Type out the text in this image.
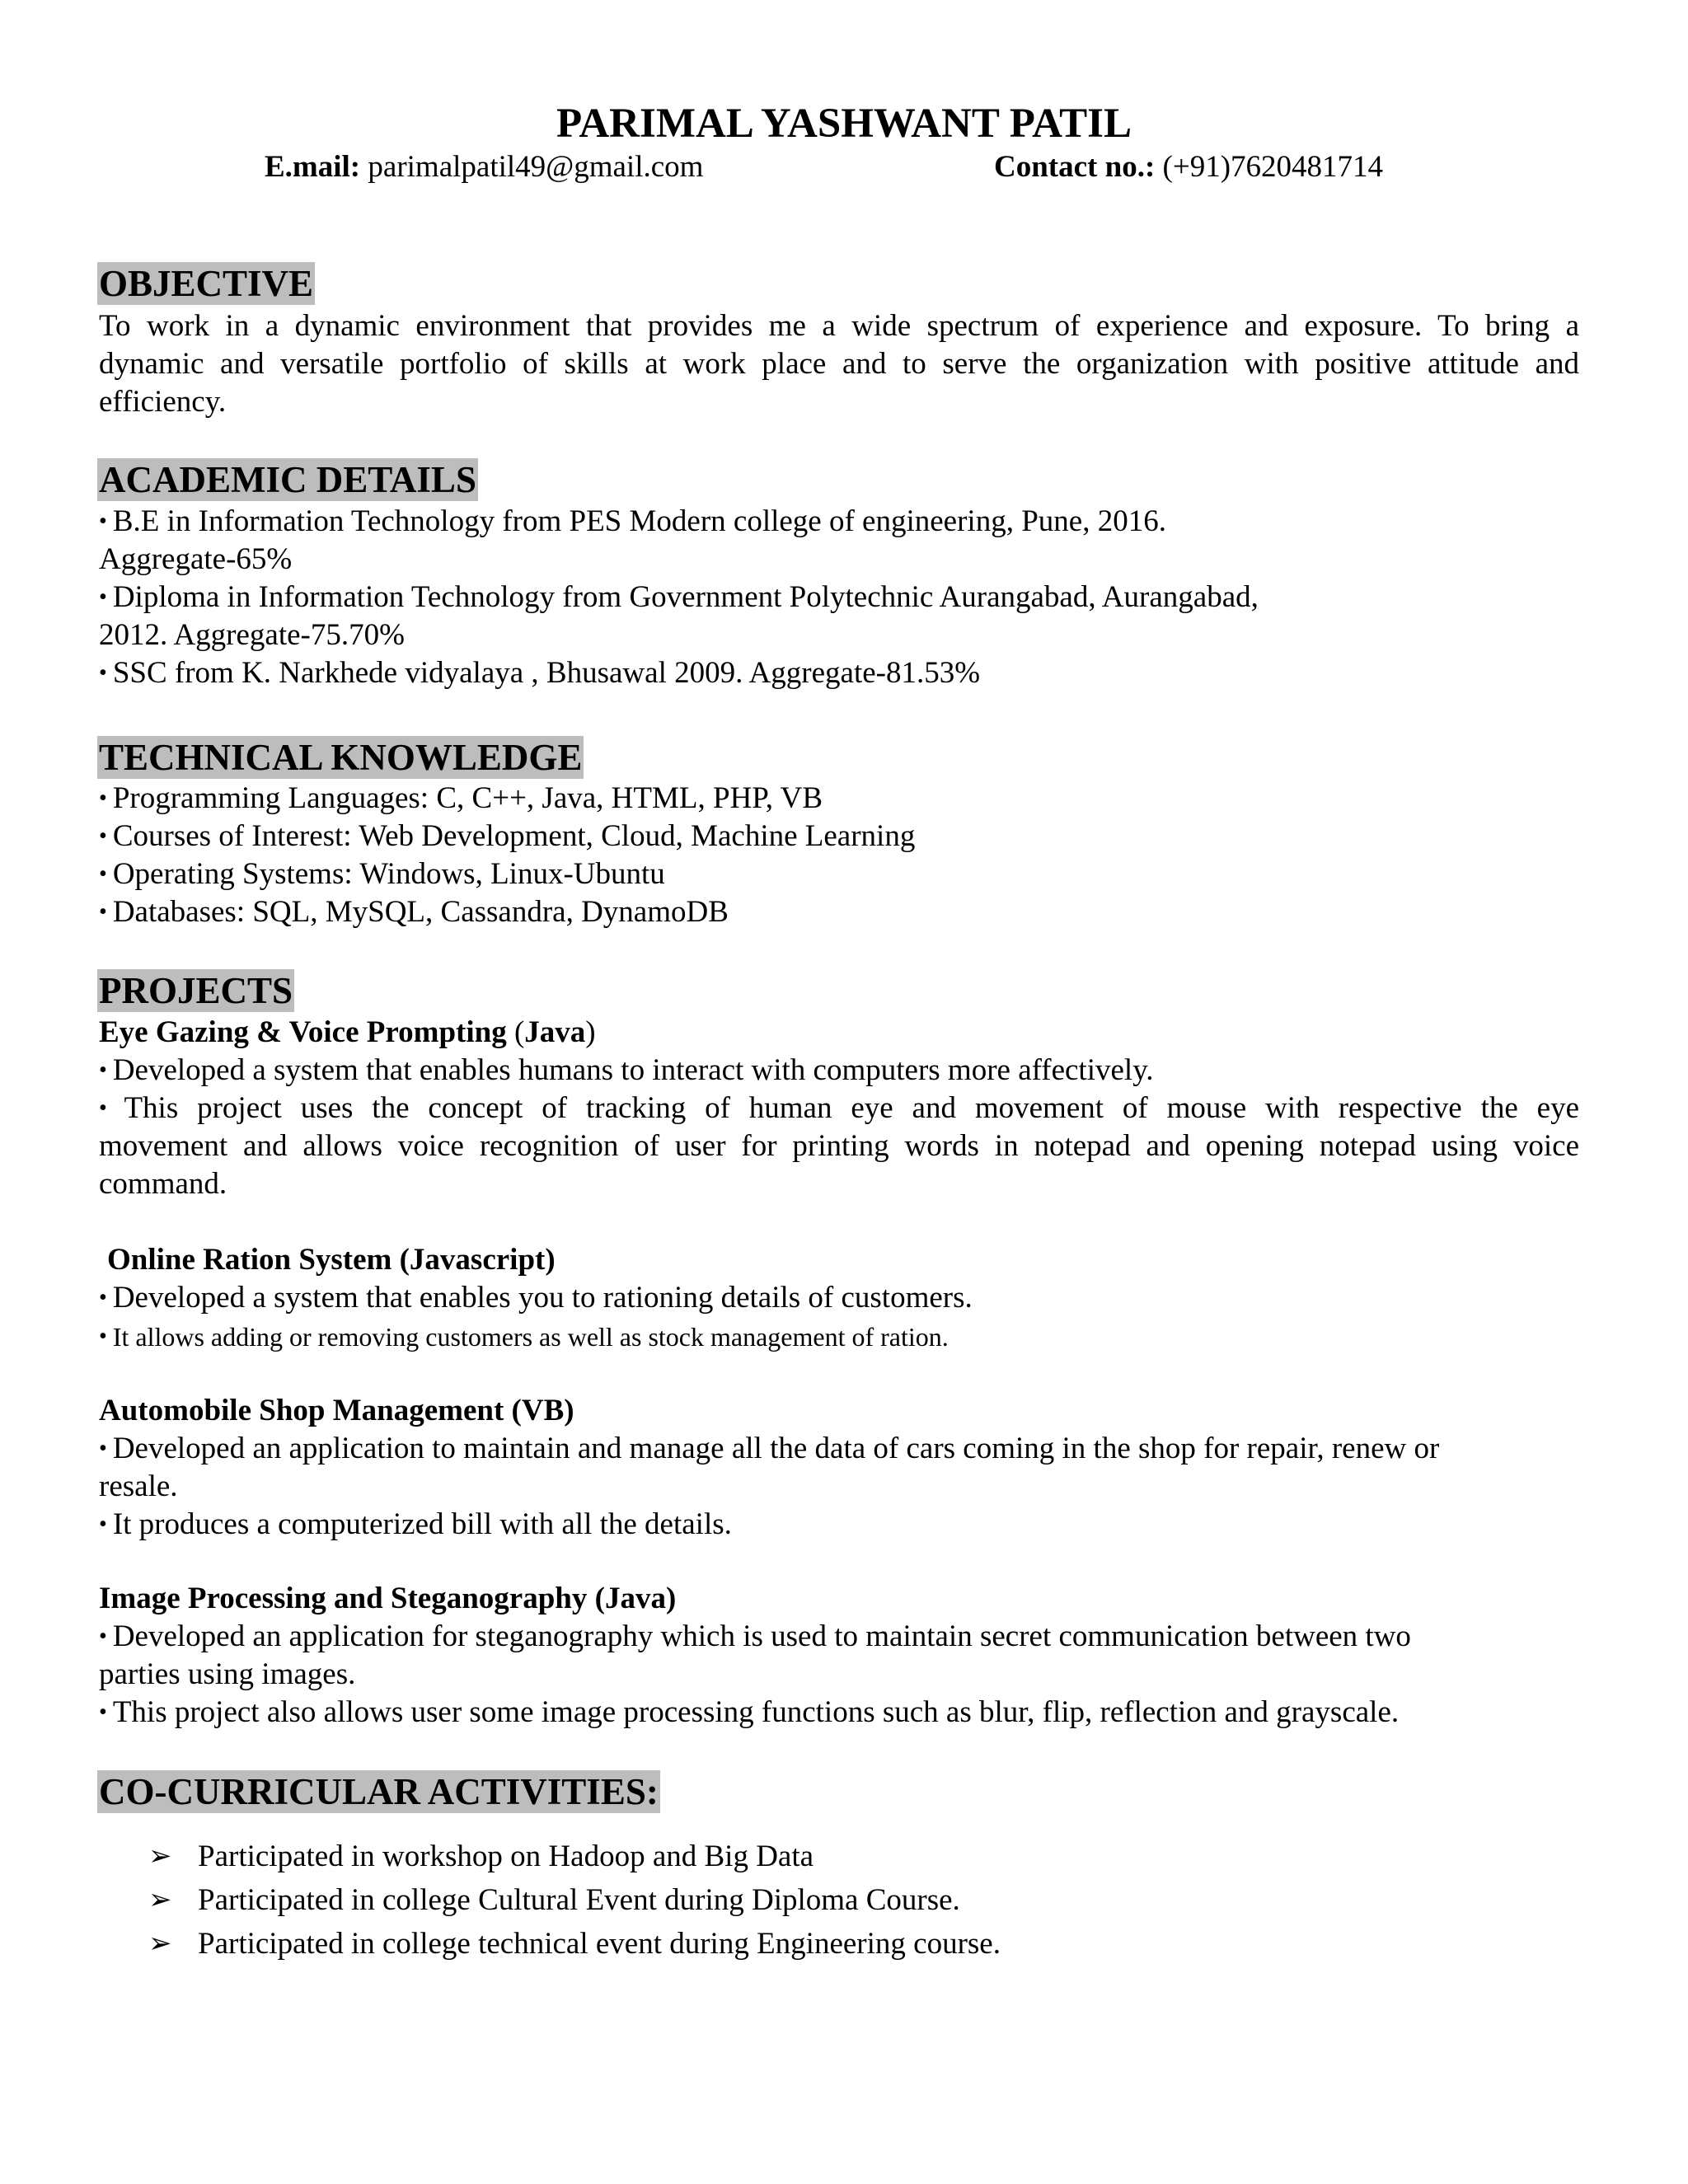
PARIMAL YASHWANT PATIL
E.mail: parimalpatil49@gmail.com	Contact no.: (+91)7620481714
OBJECTIVE
To work in a dynamic environment that provides me a wide spectrum of experience and exposure. To bring a
dynamic and versatile portfolio of skills at work place and to serve the organization with positive attitude and
efficiency.
ACADEMIC DETAILS
• B.E in Information Technology from PES Modern college of engineering, Pune, 2016.
Aggregate-65%
• Diploma in Information Technology from Government Polytechnic Aurangabad, Aurangabad,
2012. Aggregate-75.70%
• SSC from K. Narkhede vidyalaya , Bhusawal 2009. Aggregate-81.53%
TECHNICAL KNOWLEDGE
• Programming Languages: C, C++, Java, HTML, PHP, VB
• Courses of Interest: Web Development, Cloud, Machine Learning
• Operating Systems: Windows, Linux-Ubuntu
• Databases: SQL, MySQL, Cassandra, DynamoDB
PROJECTS
Eye Gazing & Voice Prompting (Java)
• Developed a system that enables humans to interact with computers more affectively.
• This project uses the concept of tracking of human eye and movement of mouse with respective the eye
movement and allows voice recognition of user for printing words in notepad and opening notepad using voice
command.
Online Ration System (Javascript)
• Developed a system that enables you to rationing details of customers.
• It allows adding or removing customers as well as stock management of ration.
Automobile Shop Management (VB)
• Developed an application to maintain and manage all the data of cars coming in the shop for repair, renew or
resale.
• It produces a computerized bill with all the details.
Image Processing and Steganography (Java)
• Developed an application for steganography which is used to maintain secret communication between two
parties using images.
• This project also allows user some image processing functions such as blur, flip, reflection and grayscale.
CO-CURRICULAR ACTIVITIES:
➢ Participated in workshop on Hadoop and Big Data
➢ Participated in college Cultural Event during Diploma Course.
➢ Participated in college technical event during Engineering course.
